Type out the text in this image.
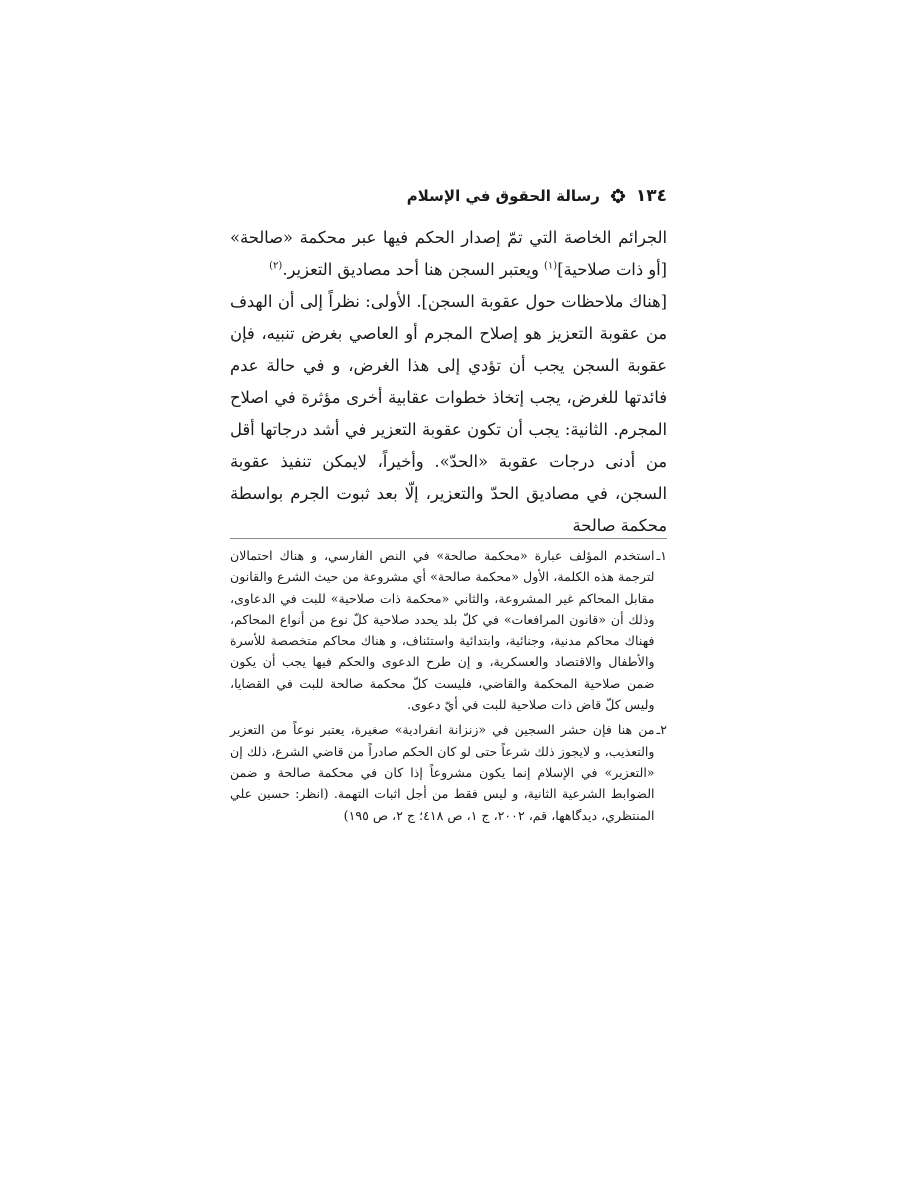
١٣٤
رسالة الحقوق في الإسلام

الجرائم الخاصة التي تمّ إصدار الحكم فيها عبر محكمة «صالحة» [أو ذات صلاحية]$^{(١)}$ ويعتبر السجن هنا أحد مصاديق التعزير.$^{(٢)}$

[هناك ملاحظات حول عقوبة السجن]. الأولى: نظراً إلى أن الهدف من عقوبة التعزيز هو إصلاح المجرم أو العاصي بغرض تنبيه، فإن عقوبة السجن يجب أن تؤدي إلى هذا الغرض، و في حالة عدم فائدتها للغرض، يجب إتخاذ خطوات عقابية أخرى مؤثرة في اصلاح المجرم. الثانية: يجب أن تكون عقوبة التعزير في أشد درجاتها أقل من أدنى درجات عقوبة «الحدّ». وأخيراً، لايمكن تنفيذ عقوبة السجن، في مصاديق الحدّ والتعزير، إلّا بعد ثبوت الجرم بواسطة محكمة صالحة

١ـ
استخدم المؤلف عبارة «محكمة صالحة» في النص الفارسي، و هناك احتمالان لترجمة هذه الكلمة، الأول «محكمة صالحة» أي مشروعة من حيث الشرع والقانون مقابل المحاكم غير المشروعة، والثاني «محكمة ذات صلاحية» للبت في الدعاوى، وذلك أن «قانون المرافعات» في كلّ بلد يحدد صلاحية كلّ نوع من أنواع المحاكم، فهناك محاكم مدنية، وجنائية، وابتدائية واستئناف، و هناك محاكم متخصصة للأسرة والأطفال والاقتصاد والعسكرية، و إن طرح الدعوى والحكم فيها يجب أن يكون ضمن صلاحية المحكمة والقاضي، فليست كلّ محكمة صالحة للبت في القضايا، وليس كلّ قاض ذات صلاحية للبت في أيّ دعوى.
٢ـ
من هنا فإن حشر السجين في «زنزانة انفرادية» صغيرة، يعتبر نوعاً من التعزير والتعذيب، و لايجوز ذلك شرعاً حتى لو كان الحكم صادراً من قاضي الشرع، ذلك إن «التعزير» في الإسلام إنما يكون مشروعاً إذا كان في محكمة صالحة و ضمن الضوابط الشرعية الثانية، و ليس فقط من أجل اثبات التهمة. (انظر: حسين علي المنتظري، ديدگاهها، قم، ٢٠٠٢، ج ١، ص ٤١٨؛ ج ٢، ص ١٩٥)
